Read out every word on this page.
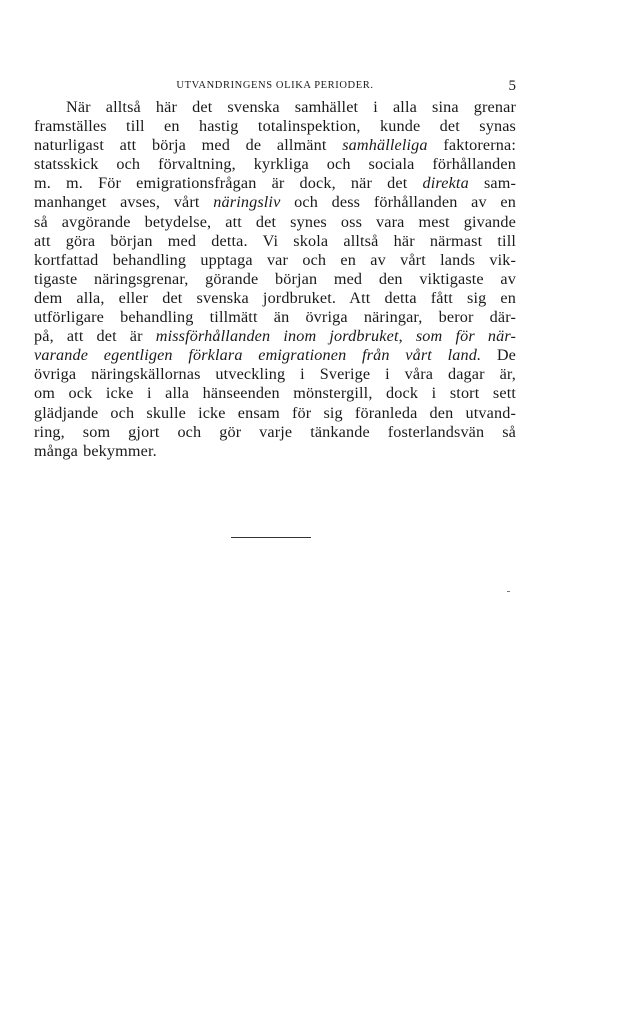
UTVANDRINGENS OLIKA PERIODER.	5
När alltså här det svenska samhället i alla sina grenar
framställes till en hastig totalinspektion, kunde det synas
naturligast att börja med de allmänt samhälleliga faktorerna:
statsskick och förvaltning, kyrkliga och sociala förhållanden
m. m. För emigrationsfrågan är dock, när det direkta sam-
manhanget avses, vårt näringsliv och dess förhållanden av en
så avgörande betydelse, att det synes oss vara mest givande
att göra början med detta. Vi skola alltså här närmast till
kortfattad behandling upptaga var och en av vårt lands vik-
tigaste näringsgrenar, görande början med den viktigaste av
dem alla, eller det svenska jordbruket. Att detta fått sig en
utförligare behandling tillmätt än övriga näringar, beror där-
på, att det är missförhållanden inom jordbruket, som för när-
varande egentligen förklara emigrationen från vårt land. De
övriga näringskällornas utveckling i Sverige i våra dagar är,
om ock icke i alla hänseenden mönstergill, dock i stort sett
glädjande och skulle icke ensam för sig föranleda den utvand-
ring, som gjort och gör varje tänkande fosterlandsvän så
många bekymmer.
